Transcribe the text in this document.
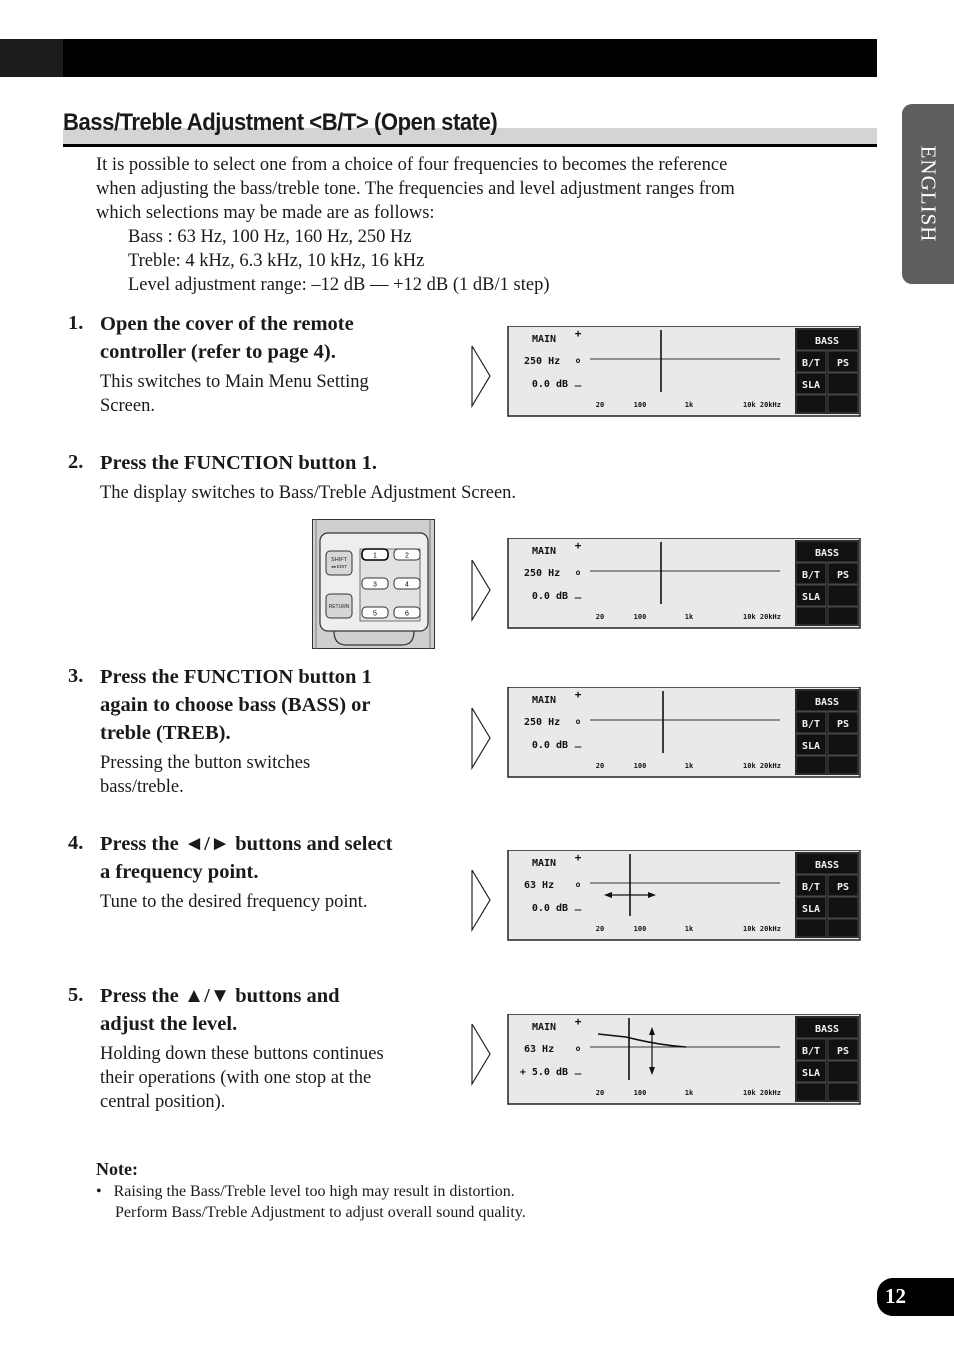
ENGLISH
Bass/Treble Adjustment <B/T> (Open state)
It is possible to select one from a choice of four frequencies to becomes the reference
when adjusting the bass/treble tone. The frequencies and level adjustment ranges from
which selections may be made are as follows:
Bass : 63 Hz, 100 Hz, 160 Hz, 250 Hz
Treble: 4 kHz, 6.3 kHz, 10 kHz, 16 kHz
Level adjustment range: –12 dB — +12 dB (1 dB/1 step)
1. Open the cover of the remote
controller (refer to page 4).
This switches to Main Menu Setting
Screen.
2. Press the FUNCTION button 1.
The display switches to Bass/Treble Adjustment Screen.
3. Press the FUNCTION button 1
again to choose bass (BASS) or
treble (TREB).
Pressing the button switches
bass/treble.
4. Press the ◄/► buttons and select
a frequency point.
Tune to the desired frequency point.
5. Press the ▲/▼ buttons and
adjust the level.
Holding down these buttons continues
their operations (with one stop at the
central position).
SHIFT
◂◂ EDIT
RETURN
1	2
3	4
5	6
MAIN
250 Hz
0.0 dB
+
o
_
20	100	1k	10k 20kHz
BASS
B/T PS
SLA
MAIN
250 Hz
0.0 dB
+
o
_
20	100	1k	10k 20kHz
BASS
B/T PS
SLA
MAIN
250 Hz
0.0 dB
+
o
_
20	100	1k	10k 20kHz
BASS
B/T PS
SLA
MAIN
63 Hz
0.0 dB
+
o
_
20	100	1k	10k 20kHz
BASS
B/T PS
SLA
MAIN
63 Hz
+ 5.0 dB
+
o
_
20	100	1k	10k 20kHz
BASS
B/T PS
SLA
Note:
• Raising the Bass/Treble level too high may result in distortion.
Perform Bass/Treble Adjustment to adjust overall sound quality.
12
